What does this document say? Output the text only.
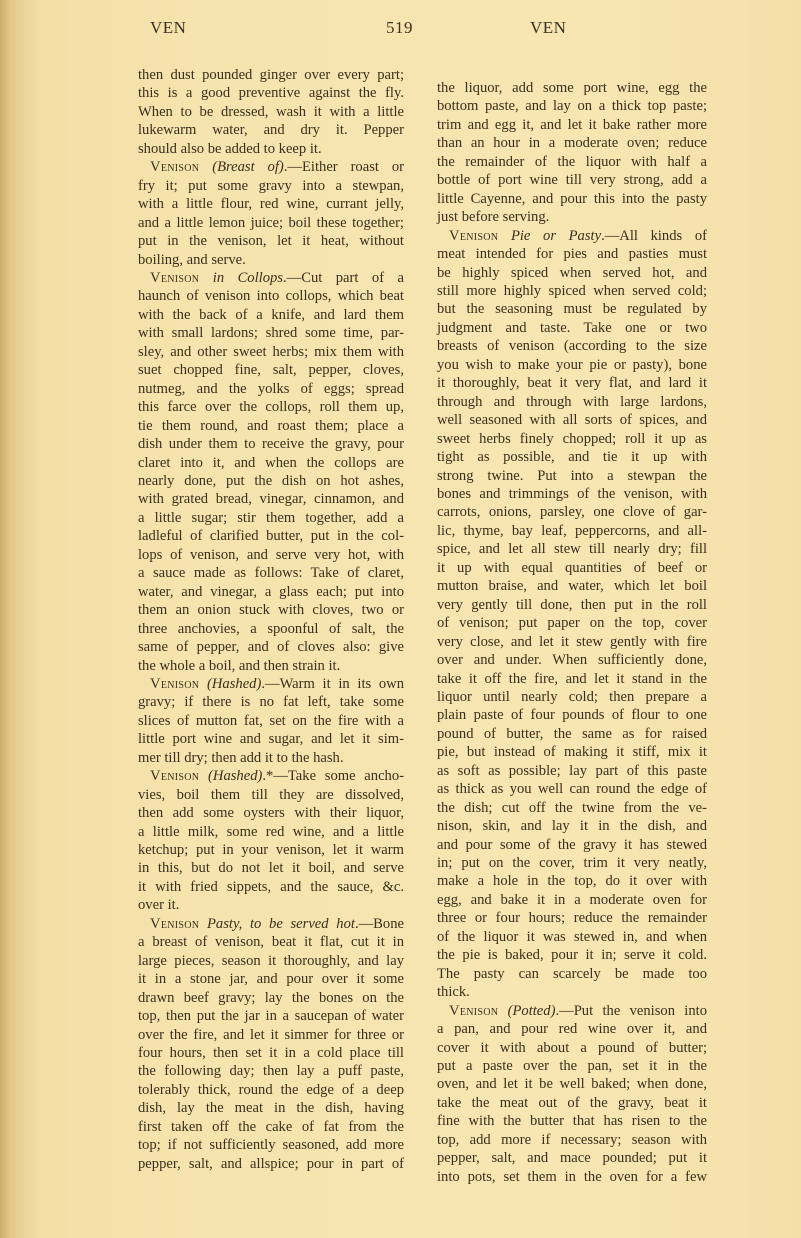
VEN	519	VEN
then dust pounded ginger over every part;
this is a good preventive against the fly.
When to be dressed, wash it with a little
lukewarm water, and dry it. Pepper
should also be added to keep it.
Venison (Breast of).—Either roast or
fry it; put some gravy into a stewpan,
with a little flour, red wine, currant jelly,
and a little lemon juice; boil these together;
put in the venison, let it heat, without
boiling, and serve.
Venison in Collops.—Cut part of a
haunch of venison into collops, which beat
with the back of a knife, and lard them
with small lardons; shred some time, par-
sley, and other sweet herbs; mix them with
suet chopped fine, salt, pepper, cloves,
nutmeg, and the yolks of eggs; spread
this farce over the collops, roll them up,
tie them round, and roast them; place a
dish under them to receive the gravy, pour
claret into it, and when the collops are
nearly done, put the dish on hot ashes,
with grated bread, vinegar, cinnamon, and
a little sugar; stir them together, add a
ladleful of clarified butter, put in the col-
lops of venison, and serve very hot, with
a sauce made as follows: Take of claret,
water, and vinegar, a glass each; put into
them an onion stuck with cloves, two or
three anchovies, a spoonful of salt, the
same of pepper, and of cloves also: give
the whole a boil, and then strain it.
Venison (Hashed).—Warm it in its own
gravy; if there is no fat left, take some
slices of mutton fat, set on the fire with a
little port wine and sugar, and let it sim-
mer till dry; then add it to the hash.
Venison (Hashed).*—Take some ancho-
vies, boil them till they are dissolved,
then add some oysters with their liquor,
a little milk, some red wine, and a little
ketchup; put in your venison, let it warm
in this, but do not let it boil, and serve
it with fried sippets, and the sauce, &c.
over it.
Venison Pasty, to be served hot.—Bone
a breast of venison, beat it flat, cut it in
large pieces, season it thoroughly, and lay
it in a stone jar, and pour over it some
drawn beef gravy; lay the bones on the
top, then put the jar in a saucepan of water
over the fire, and let it simmer for three or
four hours, then set it in a cold place till
the following day; then lay a puff paste,
tolerably thick, round the edge of a deep
dish, lay the meat in the dish, having
first taken off the cake of fat from the
top; if not sufficiently seasoned, add more
pepper, salt, and allspice; pour in part of
the liquor, add some port wine, egg the
bottom paste, and lay on a thick top paste;
trim and egg it, and let it bake rather more
than an hour in a moderate oven; reduce
the remainder of the liquor with half a
bottle of port wine till very strong, add a
little Cayenne, and pour this into the pasty
just before serving.
Venison Pie or Pasty.—All kinds of
meat intended for pies and pasties must
be highly spiced when served hot, and
still more highly spiced when served cold;
but the seasoning must be regulated by
judgment and taste. Take one or two
breasts of venison (according to the size
you wish to make your pie or pasty), bone
it thoroughly, beat it very flat, and lard it
through and through with large lardons,
well seasoned with all sorts of spices, and
sweet herbs finely chopped; roll it up as
tight as possible, and tie it up with
strong twine. Put into a stewpan the
bones and trimmings of the venison, with
carrots, onions, parsley, one clove of gar-
lic, thyme, bay leaf, peppercorns, and all-
spice, and let all stew till nearly dry; fill
it up with equal quantities of beef or
mutton braise, and water, which let boil
very gently till done, then put in the roll
of venison; put paper on the top, cover
very close, and let it stew gently with fire
over and under. When sufficiently done,
take it off the fire, and let it stand in the
liquor until nearly cold; then prepare a
plain paste of four pounds of flour to one
pound of butter, the same as for raised
pie, but instead of making it stiff, mix it
as soft as possible; lay part of this paste
as thick as you well can round the edge of
the dish; cut off the twine from the ve-
nison, skin, and lay it in the dish, and
and pour some of the gravy it has stewed
in; put on the cover, trim it very neatly,
make a hole in the top, do it over with
egg, and bake it in a moderate oven for
three or four hours; reduce the remainder
of the liquor it was stewed in, and when
the pie is baked, pour it in; serve it cold.
The pasty can scarcely be made too
thick.
Venison (Potted).—Put the venison into
a pan, and pour red wine over it, and
cover it with about a pound of butter;
put a paste over the pan, set it in the
oven, and let it be well baked; when done,
take the meat out of the gravy, beat it
fine with the butter that has risen to the
top, add more if necessary; season with
pepper, salt, and mace pounded; put it
into pots, set them in the oven for a few
